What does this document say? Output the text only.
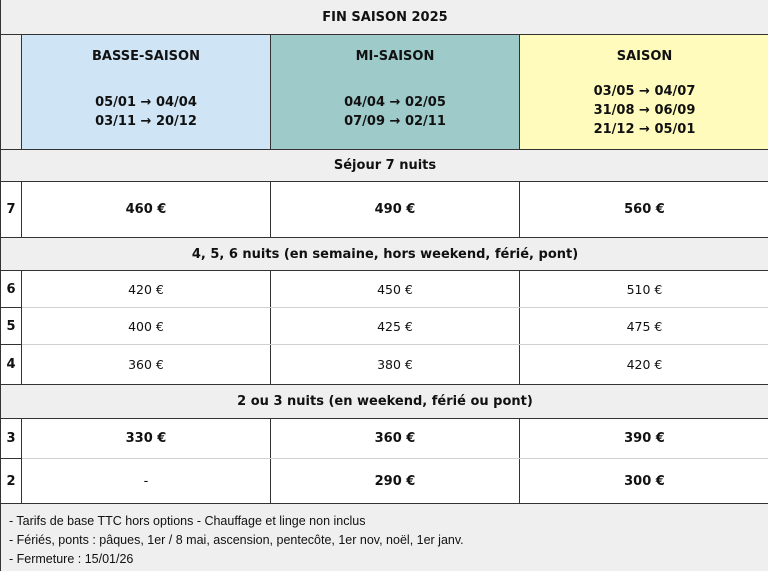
FIN SAISON 2025
BASSE-SAISON
05/01 → 04/04
03/11 → 20/12
MI-SAISON
04/04 → 02/05
07/09 → 02/11
SAISON
03/05 → 04/07
31/08 → 06/09
21/12 → 05/01
Séjour 7 nuits
7	460 €	490 €	560 €
4, 5, 6 nuits (en semaine, hors weekend, férié, pont)
6	420 €	450 €	510 €
5	400 €	425 €	475 €
4	360 €	380 €	420 €
2 ou 3 nuits (en weekend, férié ou pont)
3	330 €	360 €	390 €
2	-	290 €	300 €
- Tarifs de base TTC hors options - Chauffage et linge non inclus
- Fériés, ponts : pâques, 1er / 8 mai, ascension, pentecôte, 1er nov, noël, 1er janv.
- Fermeture : 15/01/26
